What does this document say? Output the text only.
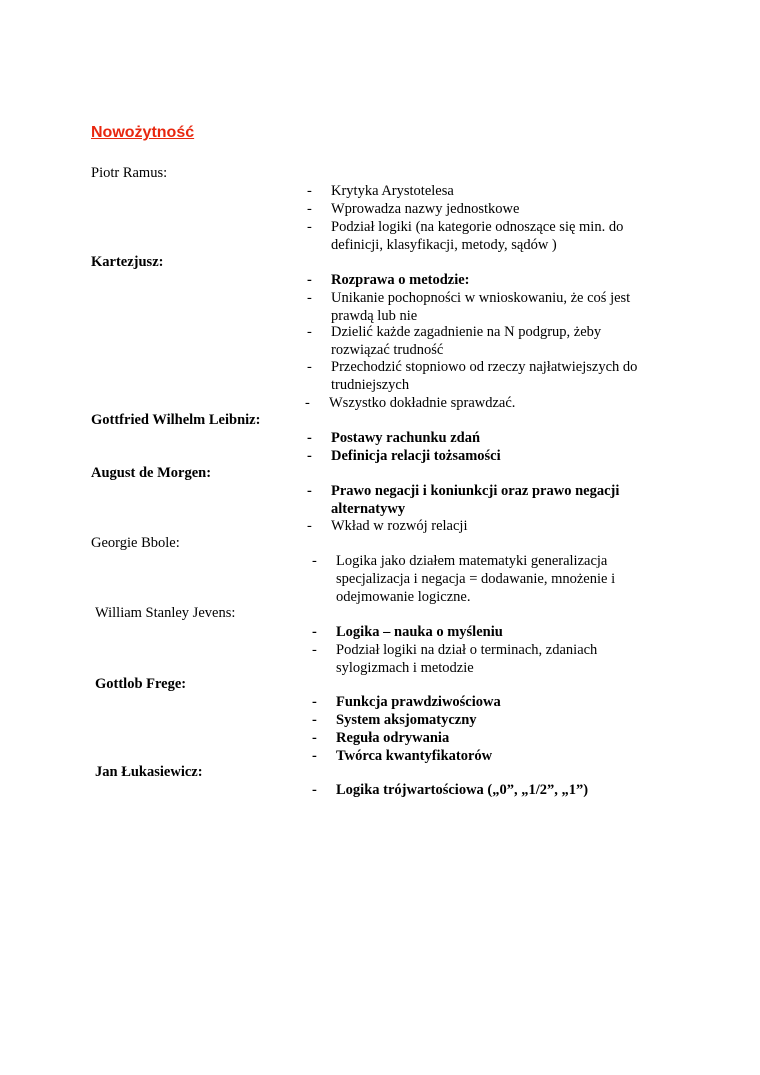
Nowożytność
Piotr Ramus:
- Krytyka Arystotelesa
- Wprowadza nazwy jednostkowe
- Podział logiki (na kategorie odnoszące się min. do definicji, klasyfikacji, metody, sądów )
Kartezjusz:
- Rozprawa o metodzie:
- Unikanie pochopności w wnioskowaniu, że coś jest prawdą lub nie
- Dzielić każde zagadnienie na N podgrup, żeby rozwiązać trudność
- Przechodzić stopniowo od rzeczy najłatwiejszych do trudniejszych
- Wszystko dokładnie sprawdzać.
Gottfried Wilhelm Leibniz:
- Postawy rachunku zdań
- Definicja relacji tożsamości
August de Morgen:
- Prawo negacji i koniunkcji oraz prawo negacji alternatywy
- Wkład w rozwój relacji
Georgie Bbole:
- Logika jako działem matematyki generalizacja specjalizacja i negacja = dodawanie, mnożenie i odejmowanie logiczne.
William Stanley Jevens:
- Logika – nauka o myśleniu
- Podział logiki na dział o terminach, zdaniach sylogizmach i metodzie
Gottlob Frege:
- Funkcja prawdziwościowa
- System aksjomatyczny
- Reguła odrywania
- Twórca kwantyfikatorów
Jan Łukasiewicz:
- Logika trójwartościowa („0”, „1/2”, „1”)
